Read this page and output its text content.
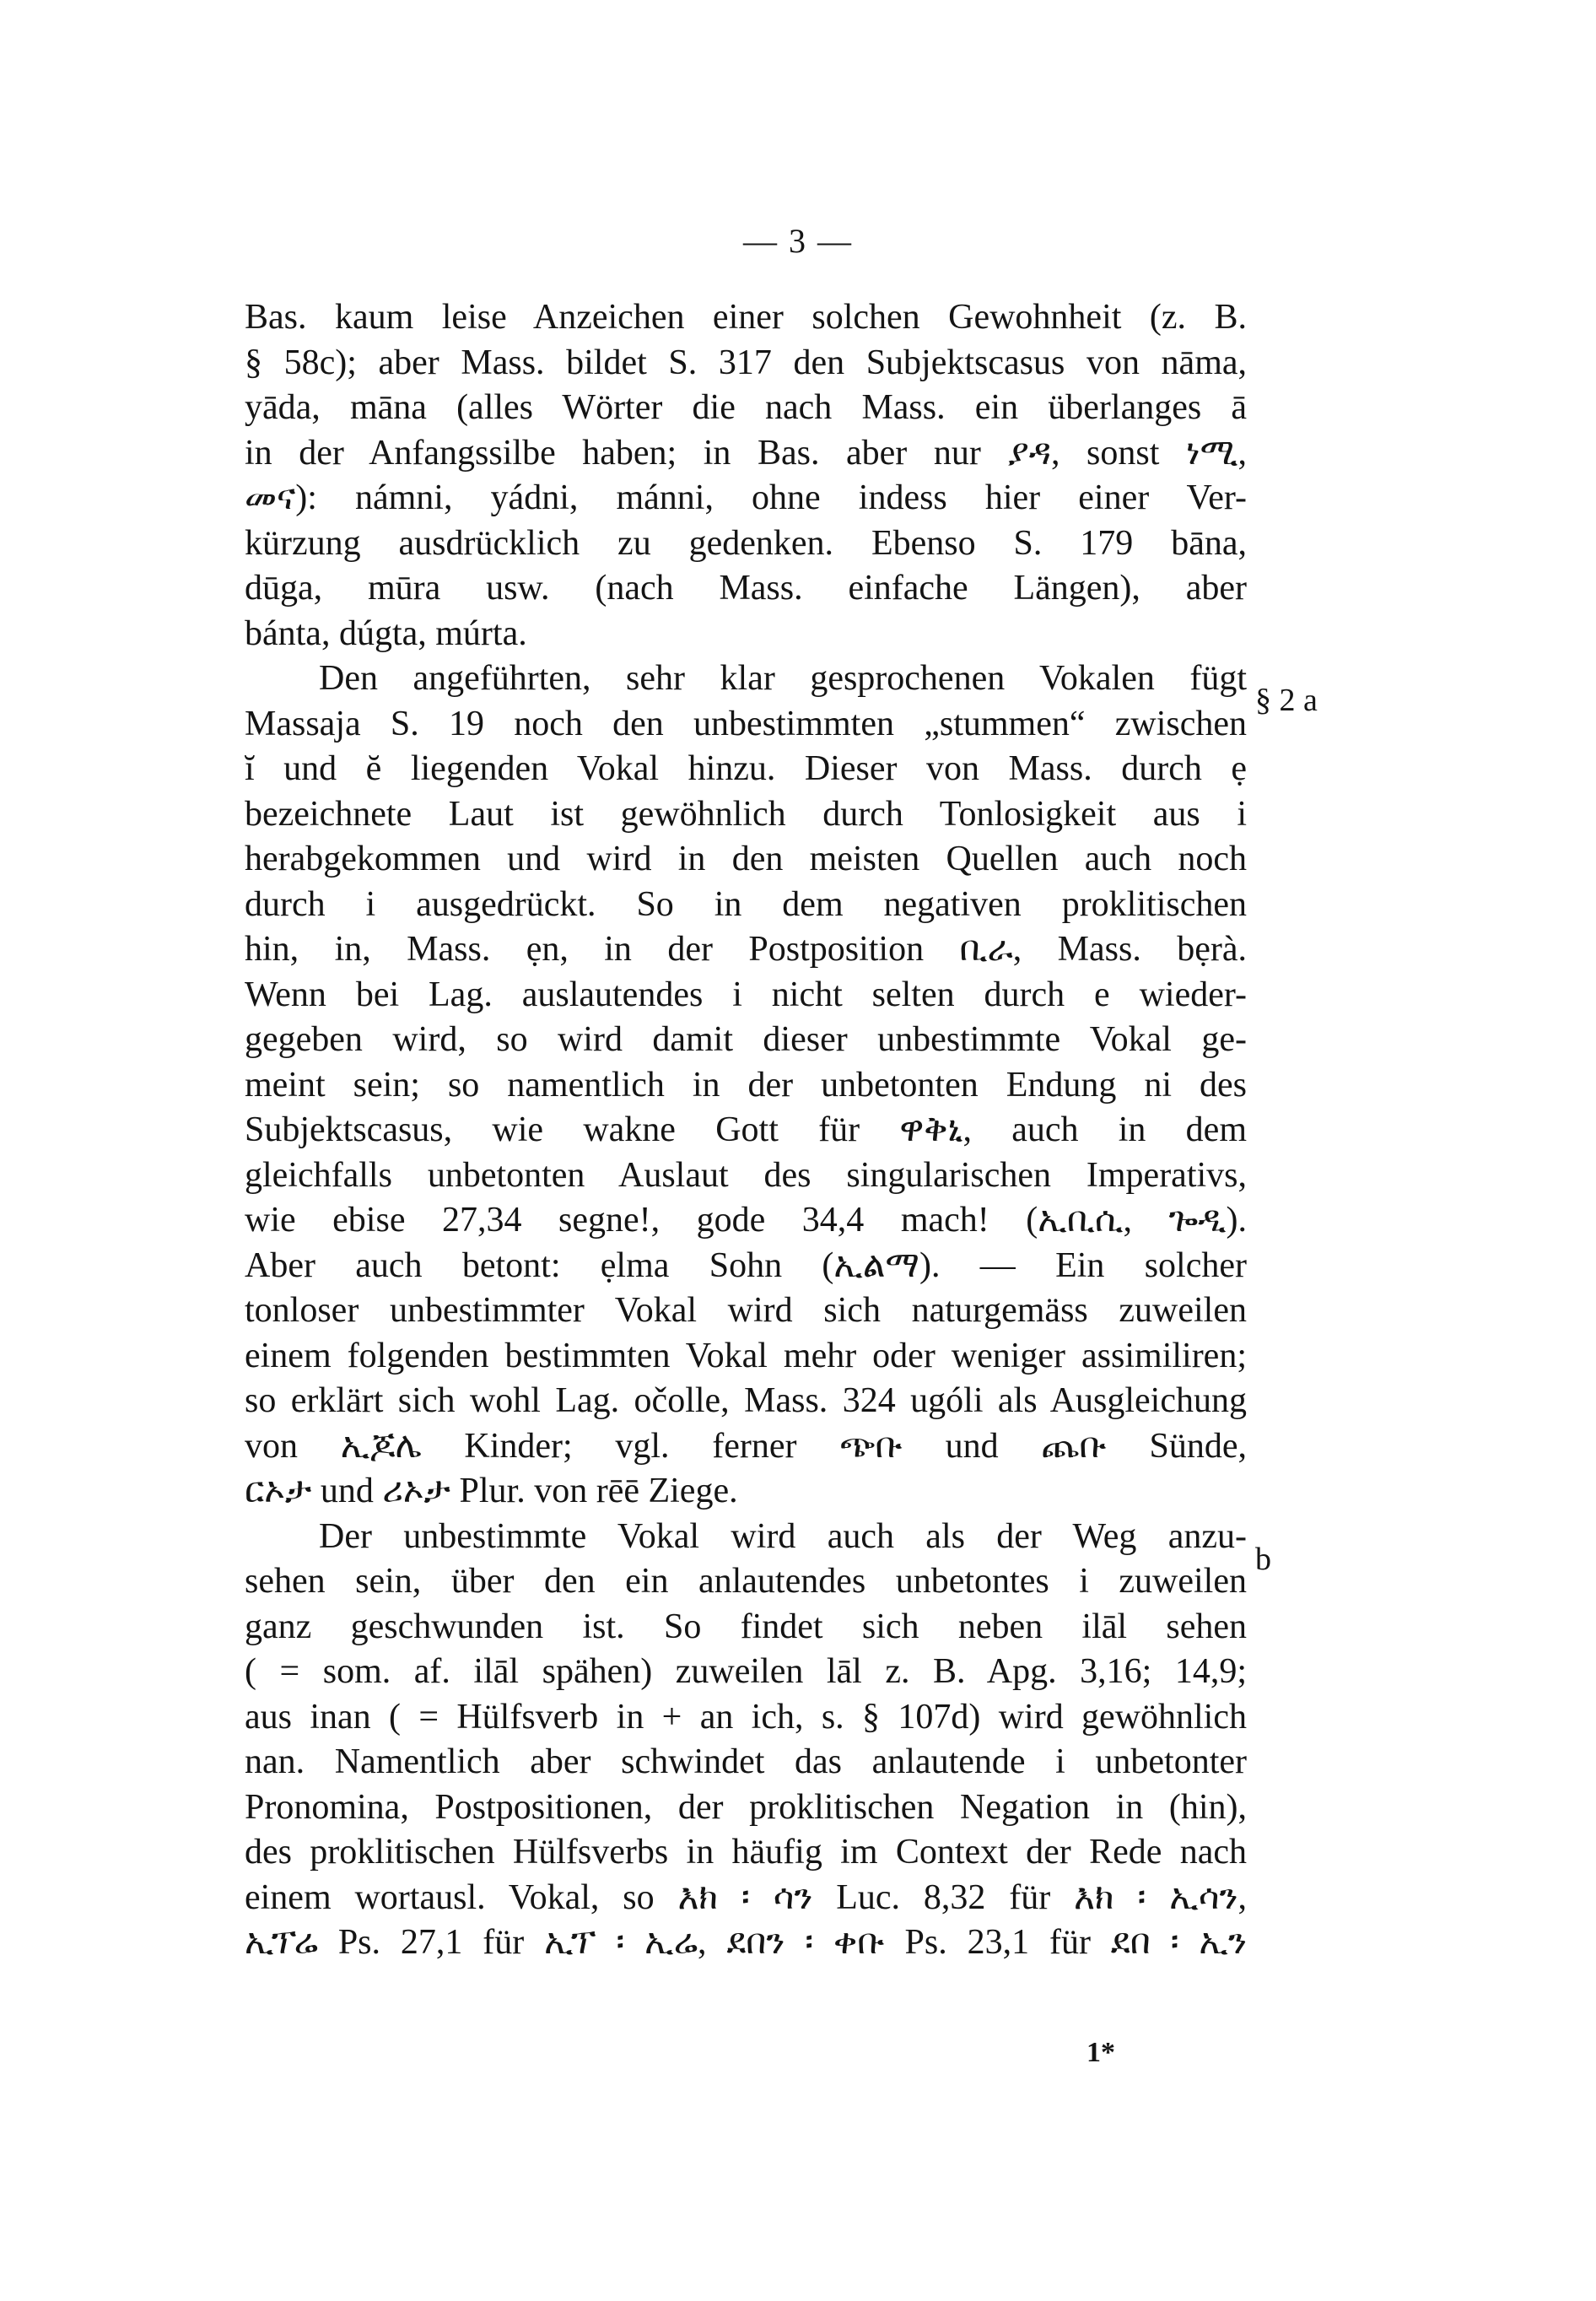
— 3 —
Bas. kaum leise Anzeichen einer solchen Gewohnheit (z. B.
§ 58c); aber Mass. bildet S. 317 den Subjektscasus von nāma,
yāda, māna (alles Wörter die nach Mass. ein überlanges ā
in der Anfangssilbe haben; in Bas. aber nur ያዳ, sonst ነሚ,
መና): námni, yádni, mánni, ohne indess hier einer Ver-
kürzung ausdrücklich zu gedenken. Ebenso S. 179 bāna,
dūga, mūra usw. (nach Mass. einfache Längen), aber
bánta, dúgta, múrta.
Den angeführten, sehr klar gesprochenen Vokalen fügt
Massaja S. 19 noch den unbestimmten „stummen“ zwischen
ĭ und ĕ liegenden Vokal hinzu. Dieser von Mass. durch ẹ
bezeichnete Laut ist gewöhnlich durch Tonlosigkeit aus i
herabgekommen und wird in den meisten Quellen auch noch
durch i ausgedrückt. So in dem negativen proklitischen
hin, in, Mass. ẹn, in der Postposition ቢራ, Mass. bẹrà.
Wenn bei Lag. auslautendes i nicht selten durch e wieder-
gegeben wird, so wird damit dieser unbestimmte Vokal ge-
meint sein; so namentlich in der unbetonten Endung ni des
Subjektscasus, wie wakne Gott für ዋቅኒ, auch in dem
gleichfalls unbetonten Auslaut des singularischen Imperativs,
wie ebise 27,34 segne!, gode 34,4 mach! (ኢቢሲ, ጐዲ).
Aber auch betont: ẹlma Sohn (ኢልማ). — Ein solcher
tonloser unbestimmter Vokal wird sich naturgemäss zuweilen
einem folgenden bestimmten Vokal mehr oder weniger assimiliren;
so erklärt sich wohl Lag. očolle, Mass. 324 ugóli als Ausgleichung
von ኢጆሌ Kinder; vgl. ferner ጭቡ und ጨቡ Sünde,
ርኦታ und ሪኦታ Plur. von rēē Ziege.
Der unbestimmte Vokal wird auch als der Weg anzu-
sehen sein, über den ein anlautendes unbetontes i zuweilen
ganz geschwunden ist. So findet sich neben ilāl sehen
( = som. af. ilāl spähen) zuweilen lāl z. B. Apg. 3,16; 14,9;
aus inan ( = Hülfsverb in + an ich, s. § 107d) wird gewöhnlich
nan. Namentlich aber schwindet das anlautende i unbetonter
Pronomina, Postpositionen, der proklitischen Negation in (hin),
des proklitischen Hülfsverbs in häufig im Context der Rede nach
einem wortausl. Vokal, so እክ ፡ ሳን Luc. 8,32 für እክ ፡ ኢሳን,
ኢፕሬ Ps. 27,1 für ኢፕ ፡ ኢሬ, ደበን ፡ ቀቡ Ps. 23,1 für ደበ ፡ ኢን
§ 2 a
b
1*
